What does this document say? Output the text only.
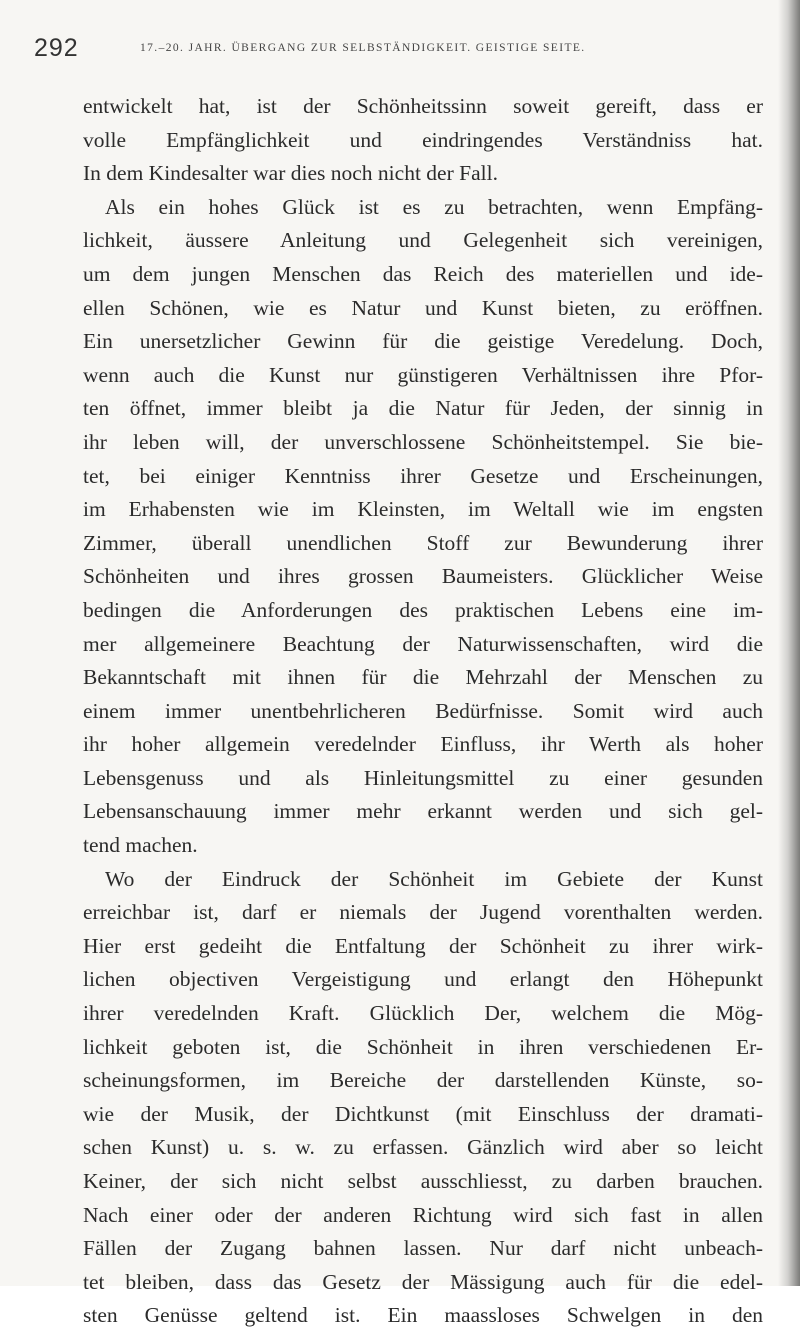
292	17.–20. JAHR. ÜBERGANG ZUR SELBSTÄNDIGKEIT. GEISTIGE SEITE.
entwickelt hat, ist der Schönheitssinn soweit gereift, dass er
volle Empfänglichkeit und eindringendes Verständniss hat.
In dem Kindesalter war dies noch nicht der Fall.
Als ein hohes Glück ist es zu betrachten, wenn Empfäng-
lichkeit, äussere Anleitung und Gelegenheit sich vereinigen,
um dem jungen Menschen das Reich des materiellen und ide-
ellen Schönen, wie es Natur und Kunst bieten, zu eröffnen.
Ein unersetzlicher Gewinn für die geistige Veredelung. Doch,
wenn auch die Kunst nur günstigeren Verhältnissen ihre Pfor-
ten öffnet, immer bleibt ja die Natur für Jeden, der sinnig in
ihr leben will, der unverschlossene Schönheitstempel. Sie bie-
tet, bei einiger Kenntniss ihrer Gesetze und Erscheinungen,
im Erhabensten wie im Kleinsten, im Weltall wie im engsten
Zimmer, überall unendlichen Stoff zur Bewunderung ihrer
Schönheiten und ihres grossen Baumeisters. Glücklicher Weise
bedingen die Anforderungen des praktischen Lebens eine im-
mer allgemeinere Beachtung der Naturwissenschaften, wird die
Bekanntschaft mit ihnen für die Mehrzahl der Menschen zu
einem immer unentbehrlicheren Bedürfnisse. Somit wird auch
ihr hoher allgemein veredelnder Einfluss, ihr Werth als hoher
Lebensgenuss und als Hinleitungsmittel zu einer gesunden
Lebensanschauung immer mehr erkannt werden und sich gel-
tend machen.
Wo der Eindruck der Schönheit im Gebiete der Kunst
erreichbar ist, darf er niemals der Jugend vorenthalten werden.
Hier erst gedeiht die Entfaltung der Schönheit zu ihrer wirk-
lichen objectiven Vergeistigung und erlangt den Höhepunkt
ihrer veredelnden Kraft. Glücklich Der, welchem die Mög-
lichkeit geboten ist, die Schönheit in ihren verschiedenen Er-
scheinungsformen, im Bereiche der darstellenden Künste, so-
wie der Musik, der Dichtkunst (mit Einschluss der dramati-
schen Kunst) u. s. w. zu erfassen. Gänzlich wird aber so leicht
Keiner, der sich nicht selbst ausschliesst, zu darben brauchen.
Nach einer oder der anderen Richtung wird sich fast in allen
Fällen der Zugang bahnen lassen. Nur darf nicht unbeach-
tet bleiben, dass das Gesetz der Mässigung auch für die edel-
sten Genüsse geltend ist. Ein maassloses Schwelgen in den
